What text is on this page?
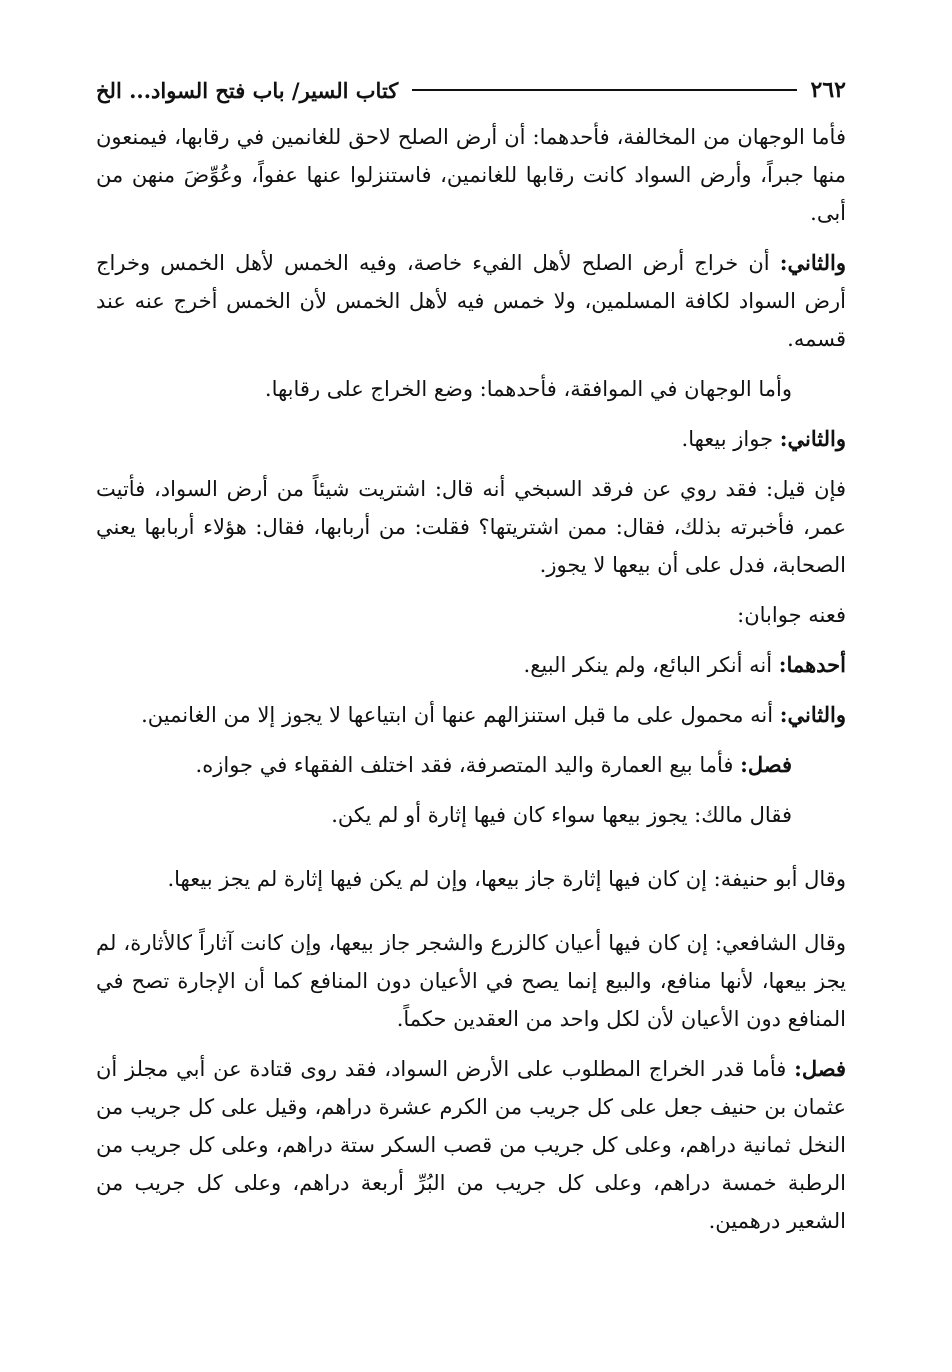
كتاب السير/ باب فتح السواد... الخ	٢٦٢

فأما الوجهان من المخالفة، فأحدهما: أن أرض الصلح لاحق للغانمين في رقابها، فيمنعون منها جبراً، وأرض السواد كانت رقابها للغانمين، فاستنزلوا عنها عفواً، وعُوِّضَ منهن من أبى.

والثاني: أن خراج أرض الصلح لأهل الفيء خاصة، وفيه الخمس لأهل الخمس وخراج أرض السواد لكافة المسلمين، ولا خمس فيه لأهل الخمس لأن الخمس أخرج عنه عند قسمه.

وأما الوجهان في الموافقة، فأحدهما: وضع الخراج على رقابها.

والثاني: جواز بيعها.

فإن قيل: فقد روي عن فرقد السبخي أنه قال: اشتريت شيئاً من أرض السواد، فأتيت عمر، فأخبرته بذلك، فقال: ممن اشتريتها؟ فقلت: من أربابها، فقال: هؤلاء أربابها يعني الصحابة، فدل على أن بيعها لا يجوز.

فعنه جوابان:

أحدهما: أنه أنكر البائع، ولم ينكر البيع.

والثاني: أنه محمول على ما قبل استنزالهم عنها أن ابتياعها لا يجوز إلا من الغانمين.

فصل: فأما بيع العمارة واليد المتصرفة، فقد اختلف الفقهاء في جوازه.

فقال مالك: يجوز بيعها سواء كان فيها إثارة أو لم يكن.

وقال أبو حنيفة: إن كان فيها إثارة جاز بيعها، وإن لم يكن فيها إثارة لم يجز بيعها.

وقال الشافعي: إن كان فيها أعيان كالزرع والشجر جاز بيعها، وإن كانت آثاراً كالأثارة، لم يجز بيعها، لأنها منافع، والبيع إنما يصح في الأعيان دون المنافع كما أن الإجارة تصح في المنافع دون الأعيان لأن لكل واحد من العقدين حكماً.

فصل: فأما قدر الخراج المطلوب على الأرض السواد، فقد روى قتادة عن أبي مجلز أن عثمان بن حنيف جعل على كل جريب من الكرم عشرة دراهم، وقيل على كل جريب من النخل ثمانية دراهم، وعلى كل جريب من قصب السكر ستة دراهم، وعلى كل جريب من الرطبة خمسة دراهم، وعلى كل جريب من البُرِّ أربعة دراهم، وعلى كل جريب من الشعير درهمين.
